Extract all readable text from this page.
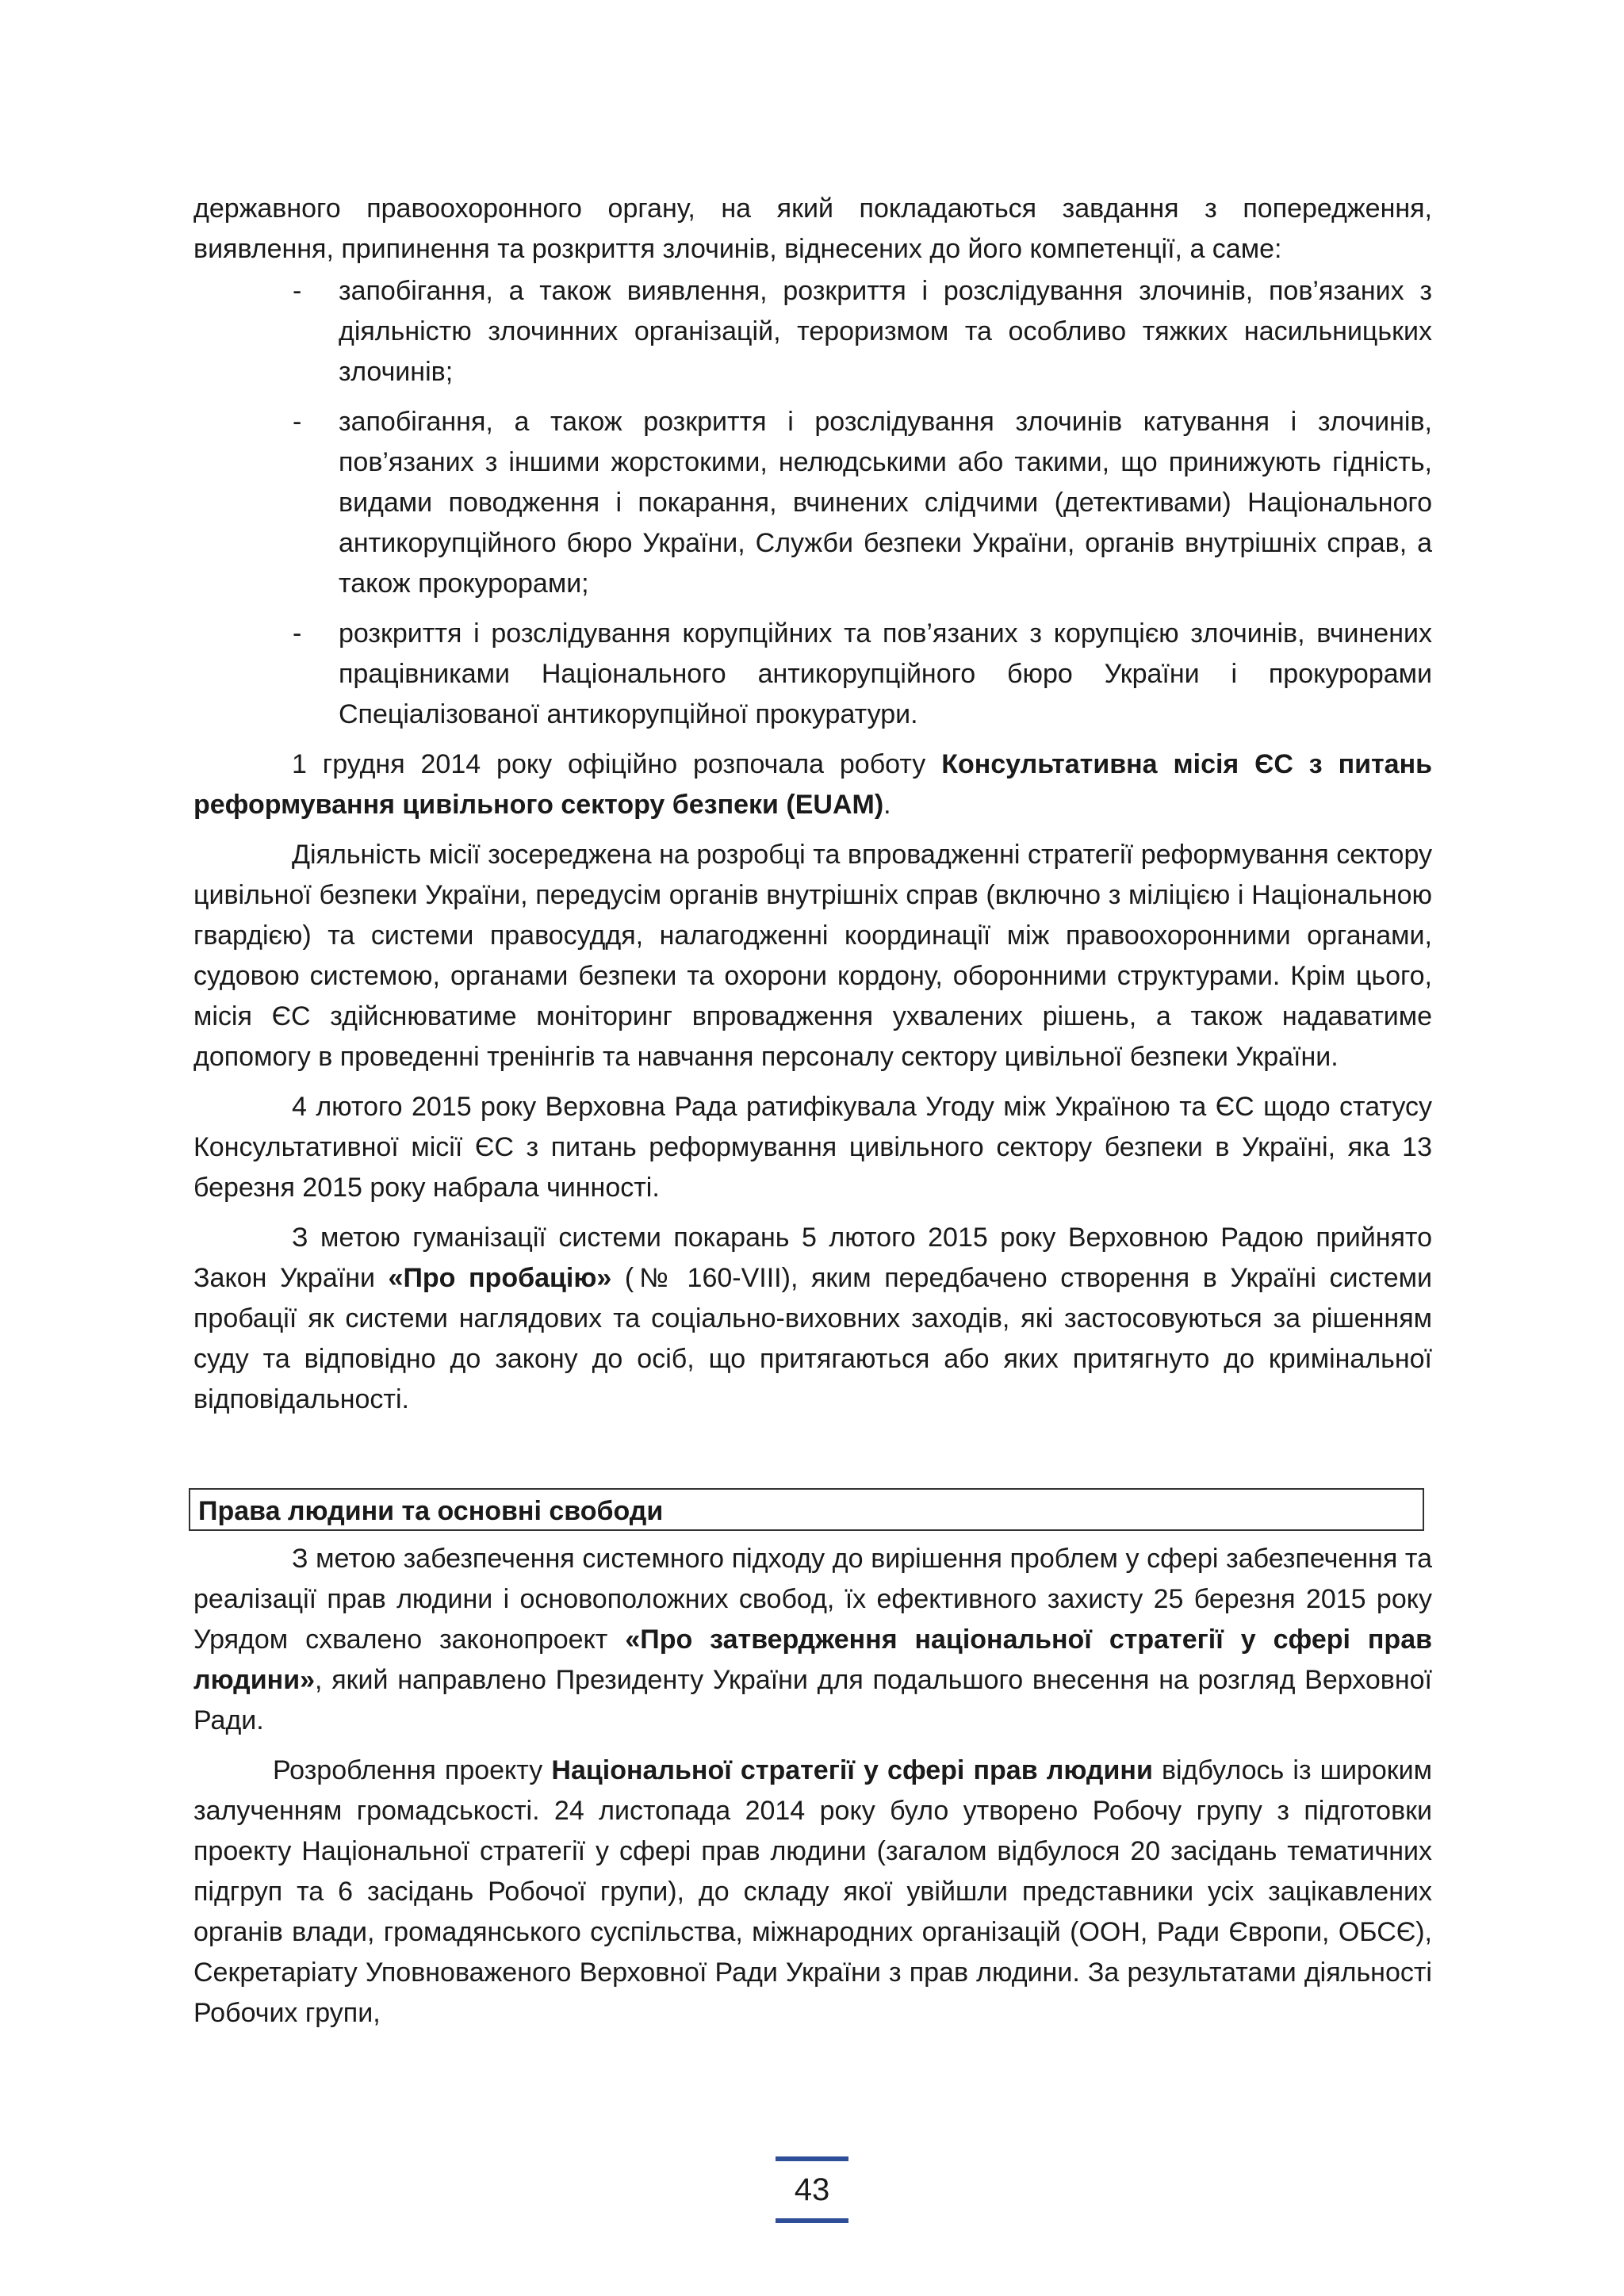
державного правоохоронного органу, на який покладаються завдання з попередження, виявлення, припинення та розкриття злочинів, віднесених до його компетенції, а саме:

- запобігання, а також виявлення, розкриття і розслідування злочинів, пов’язаних з діяльністю злочинних організацій, тероризмом та особливо тяжких насильницьких злочинів;
- запобігання, а також розкриття і розслідування злочинів катування і злочинів, пов’язаних з іншими жорстокими, нелюдськими або такими, що принижують гідність, видами поводження і покарання, вчинених слідчими (детективами) Національного антикорупційного бюро України, Служби безпеки України, органів внутрішніх справ, а також прокурорами;
- розкриття і розслідування корупційних та пов’язаних з корупцією злочинів, вчинених працівниками Національного антикорупційного бюро України і прокурорами Спеціалізованої антикорупційної прокуратури.

1 грудня 2014 року офіційно розпочала роботу Консультативна місія ЄС з питань реформування цивільного сектору безпеки (EUAM).

Діяльність місії зосереджена на розробці та впровадженні стратегії реформування сектору цивільної безпеки України, передусім органів внутрішніх справ (включно з міліцією і Національною гвардією) та системи правосуддя, налагодженні координації між правоохоронними органами, судовою системою, органами безпеки та охорони кордону, оборонними структурами. Крім цього, місія ЄС здійснюватиме моніторинг впровадження ухвалених рішень, а також надаватиме допомогу в проведенні тренінгів та навчання персоналу сектору цивільної безпеки України.

4 лютого 2015 року Верховна Рада ратифікувала Угоду між Україною та ЄС щодо статусу Консультативної місії ЄС з питань реформування цивільного сектору безпеки в Україні, яка 13 березня 2015 року набрала чинності.

З метою гуманізації системи покарань 5 лютого 2015 року Верховною Радою прийнято Закон України «Про пробацію» (№ 160-VIII), яким передбачено створення в Україні системи пробації як системи наглядових та соціально-виховних заходів, які застосовуються за рішенням суду та відповідно до закону до осіб, що притягаються або яких притягнуто до кримінальної відповідальності.

Права людини та основні свободи

З метою забезпечення системного підходу до вирішення проблем у сфері забезпечення та реалізації прав людини і основоположних свобод, їх ефективного захисту 25 березня 2015 року Урядом схвалено законопроект «Про затвердження національної стратегії у сфері прав людини», який направлено Президенту України для подальшого внесення на розгляд Верховної Ради.

Розроблення проекту Національної стратегії у сфері прав людини відбулось із широким залученням громадськості. 24 листопада 2014 року було утворено Робочу групу з підготовки проекту Національної стратегії у сфері прав людини (загалом відбулося 20 засідань тематичних підгруп та 6 засідань Робочої групи), до складу якої увійшли представники усіх зацікавлених органів влади, громадянського суспільства, міжнародних організацій (ООН, Ради Європи, ОБСЄ), Секретаріату Уповноваженого Верховної Ради України з прав людини. За результатами діяльності Робочих групи,

43
